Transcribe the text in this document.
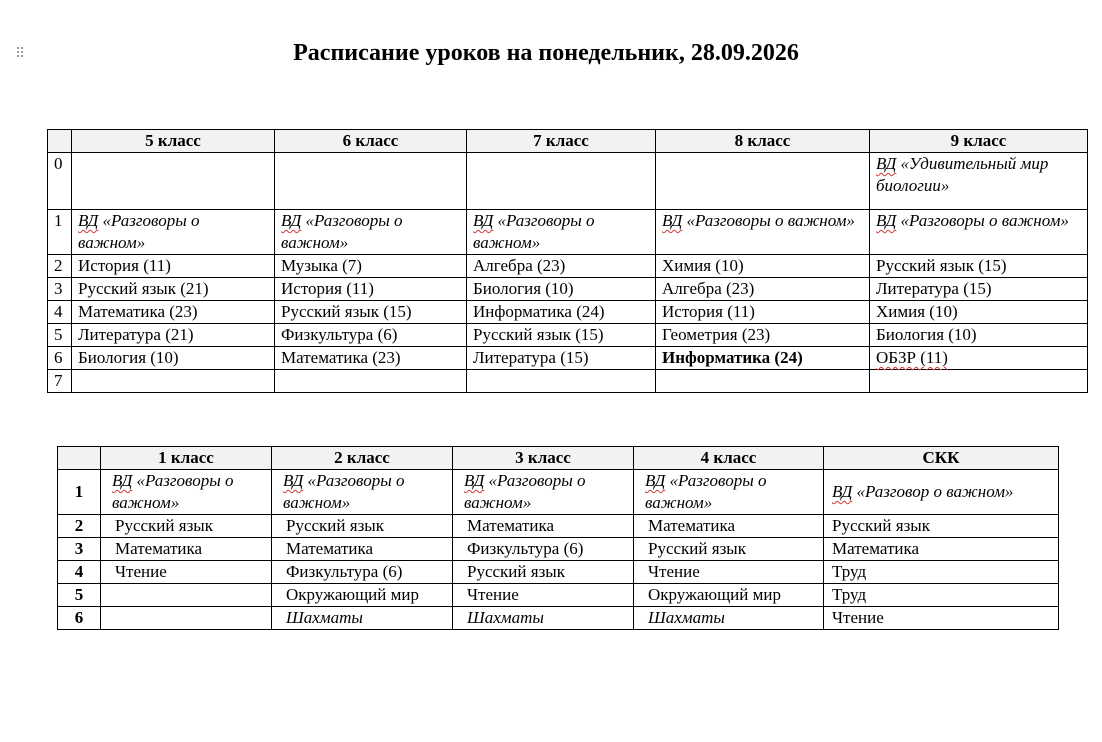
⠿	Расписание уроков на понедельник, 28.09.2026
	5 класс	6 класс	7 класс	8 класс	9 класс
0					ВД «Удивительный мир биологии»
1	ВД «Разговоры о важном»	ВД «Разговоры о важном»	ВД «Разговоры о важном»	ВД «Разговоры о важном»	ВД «Разговоры о важном»
2	История (11)	Музыка (7)	Алгебра (23)	Химия (10)	Русский язык (15)
3	Русский язык (21)	История (11)	Биология (10)	Алгебра (23)	Литература (15)
4	Математика (23)	Русский язык (15)	Информатика (24)	История (11)	Химия (10)
5	Литература (21)	Физкультура (6)	Русский язык (15)	Геометрия (23)	Биология (10)
6	Биология (10)	Математика (23)	Литература (15)	Информатика (24)	ОБЗР (11)
7					
	1 класс	2 класс	3 класс	4 класс	СКК
1	ВД «Разговоры о важном»	ВД «Разговоры о важном»	ВД «Разговоры о важном»	ВД «Разговоры о важном»	ВД «Разговор о важном»
2	Русский язык	Русский язык	Математика	Математика	Русский язык
3	Математика	Математика	Физкультура (6)	Русский язык	Математика
4	Чтение	Физкультура (6)	Русский язык	Чтение	Труд
5		Окружающий мир	Чтение	Окружающий мир	Труд
6		Шахматы	Шахматы	Шахматы	Чтение
